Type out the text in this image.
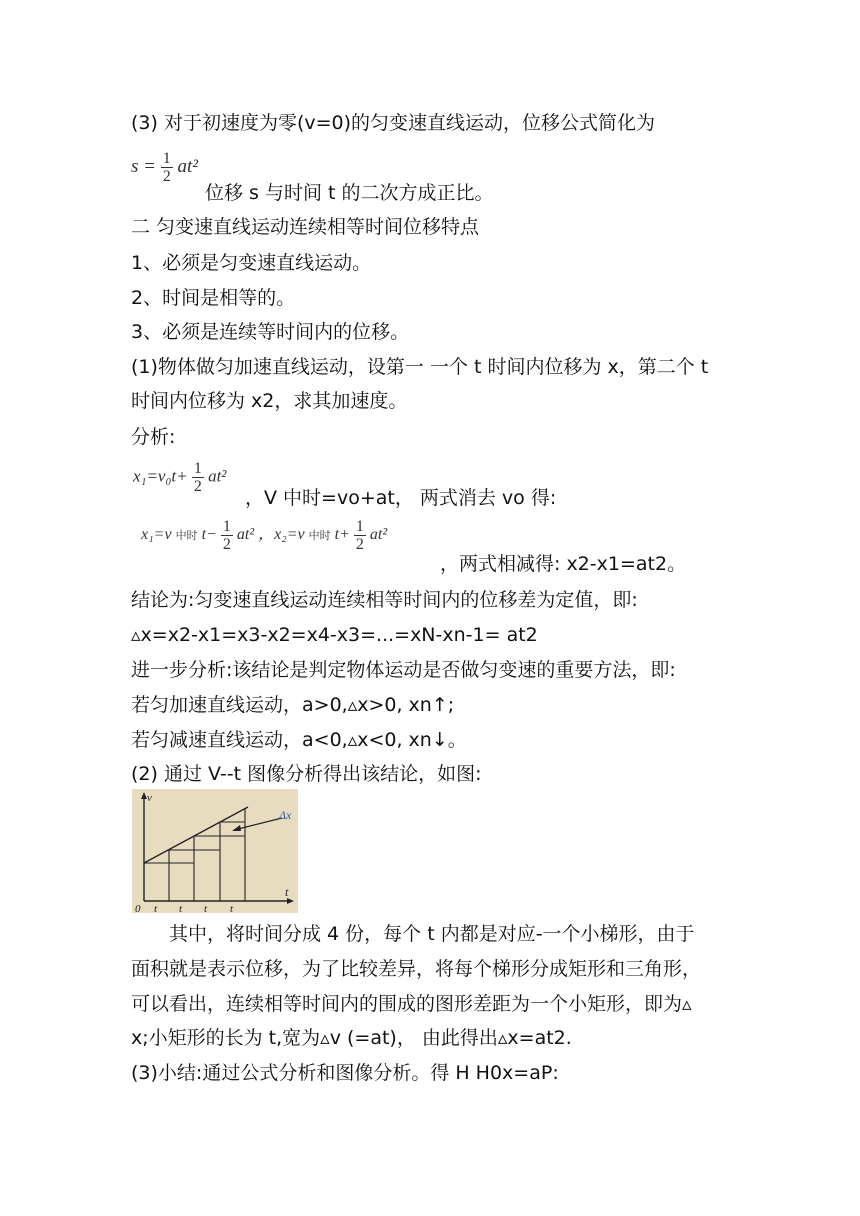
(3) 对于初速度为零(v=0)的匀变速直线运动，位移公式简化为
$s = \frac{1}{2} at^2$
位移 s 与时间 t 的二次方成正比。
二 匀变速直线运动连续相等时间位移特点
1、必须是匀变速直线运动。
2、时间是相等的。
3、必须是连续等时间内的位移。
(1)物体做匀加速直线运动，设第一 一个 t 时间内位移为 x，第二个 t
时间内位移为 x2，求其加速度。
分析:
$x_1=v_0t+ \frac{1}{2} at^2$
，V 中时=vo+at， 两式消去 vo 得:
x₁=v 中时 $t- \frac{1}{2} at^2$ ，x₂=v 中时 $t+ \frac{1}{2} at^2$
，两式相减得: x2-x1=at2。
结论为:匀变速直线运动连续相等时间内的位移差为定值，即:
▵x=x2-x1=x3-x2=x4-x3=...=xN-xn-1= at2
进一步分析:该结论是判定物体运动是否做匀变速的重要方法，即:
若匀加速直线运动，a>0,▵x>0, xn↑;
若匀减速直线运动，a<0,▵x<0, xn↓。
(2) 通过 V--t 图像分析得出该结论，如图:
v
t
Δx
0 t t t t
其中，将时间分成 4 份，每个 t 内都是对应-一个小梯形，由于
面积就是表示位移，为了比较差异，将每个梯形分成矩形和三角形，
可以看出，连续相等时间内的围成的图形差距为一个小矩形，即为▵
x;小矩形的长为 t,宽为▵v (=at)， 由此得出▵x=at2.
(3)小结:通过公式分析和图像分析。得 H H0x=aP:
